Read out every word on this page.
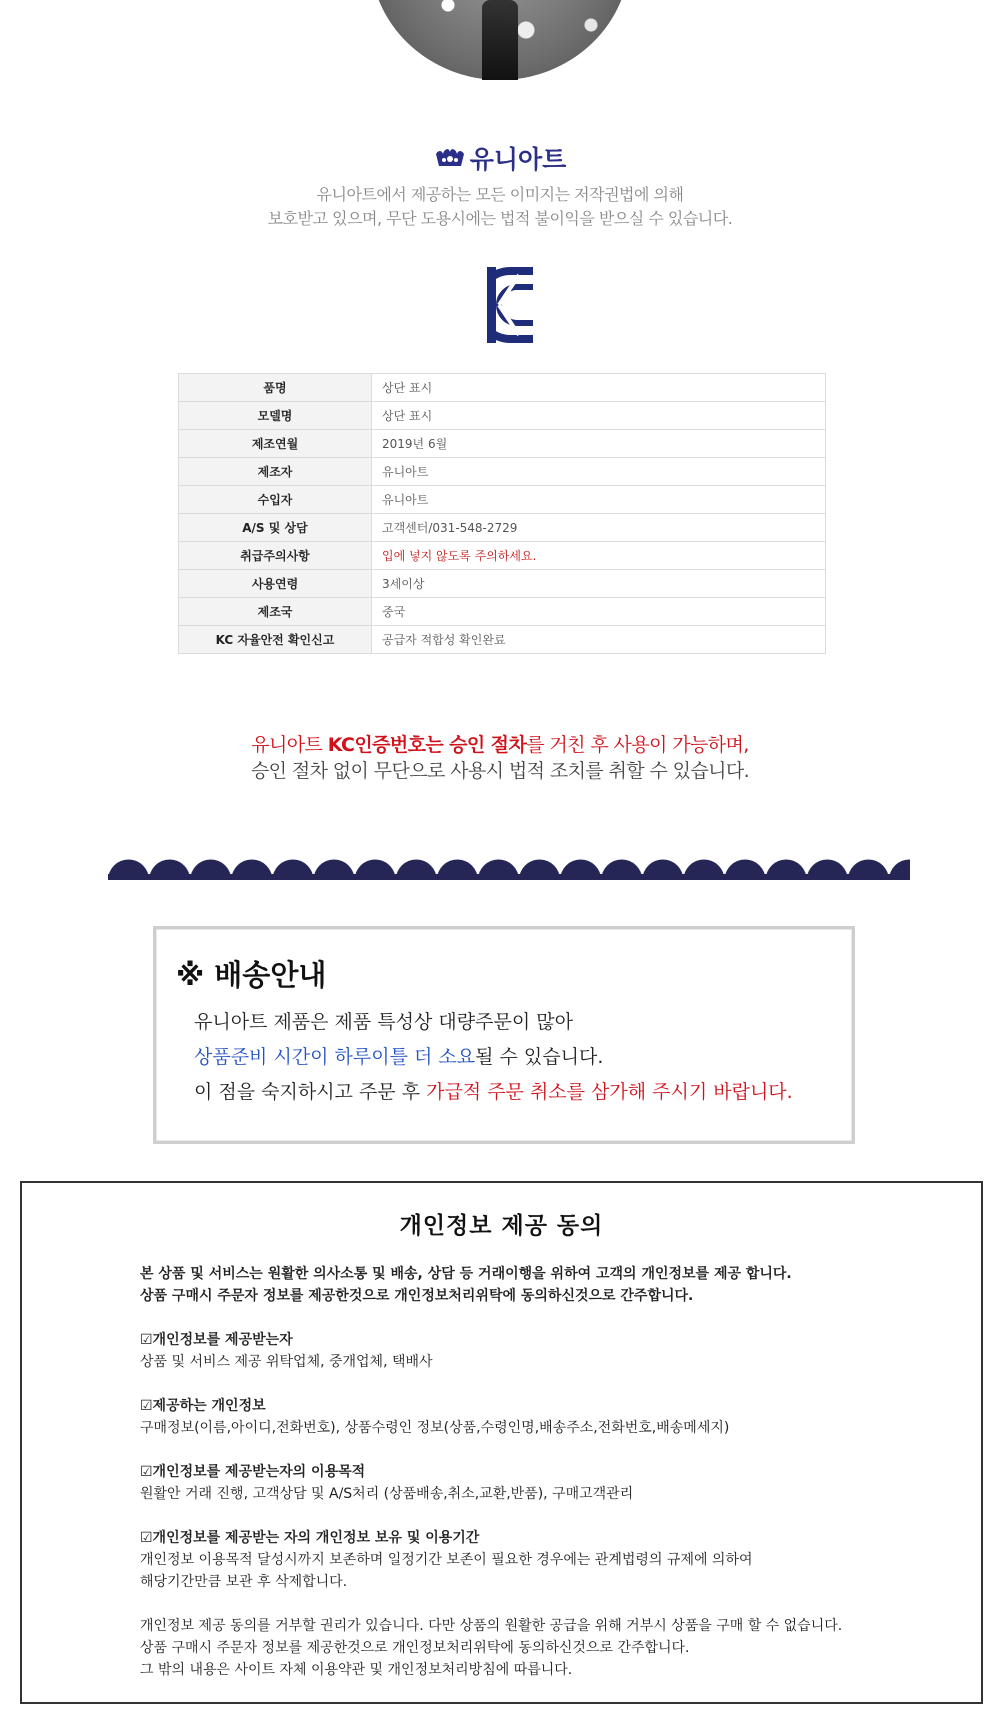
유니아트
유니아트에서 제공하는 모든 이미지는 저작권법에 의해
보호받고 있으며, 무단 도용시에는 법적 불이익을 받으실 수 있습니다.
품명	상단 표시
모델명	상단 표시
제조연월	2019년 6월
제조자	유니아트
수입자	유니아트
A/S 및 상담	고객센터/031-548-2729
취급주의사항	입에 넣지 않도록 주의하세요.
사용연령	3세이상
제조국	중국
KC 자율안전 확인신고	공급자 적합성 확인완료
유니아트 KC인증번호는 승인 절차를 거친 후 사용이 가능하며,
승인 절차 없이 무단으로 사용시 법적 조치를 취할 수 있습니다.
※ 배송안내
유니아트 제품은 제품 특성상 대량주문이 많아
상품준비 시간이 하루이틀 더 소요될 수 있습니다.
이 점을 숙지하시고 주문 후 가급적 주문 취소를 삼가해 주시기 바랍니다.
개인정보 제공 동의
본 상품 및 서비스는 원활한 의사소통 및 배송, 상담 등 거래이행을 위하여 고객의 개인정보를 제공 합니다.
상품 구매시 주문자 정보를 제공한것으로 개인정보처리위탁에 동의하신것으로 간주합니다.
☑개인정보를 제공받는자
상품 및 서비스 제공 위탁업체, 중개업체, 택배사
☑제공하는 개인정보
구매정보(이름,아이디,전화번호), 상품수령인 정보(상품,수령인명,배송주소,전화번호,배송메세지)
☑개인정보를 제공받는자의 이용목적
원활안 거래 진행, 고객상담 및 A/S처리 (상품배송,취소,교환,반품), 구매고객관리
☑개인정보를 제공받는 자의 개인정보 보유 및 이용기간
개인정보 이용목적 달성시까지 보존하며 일정기간 보존이 필요한 경우에는 관계법령의 규제에 의하여
해당기간만큼 보관 후 삭제합니다.
개인정보 제공 동의를 거부할 권리가 있습니다. 다만 상품의 원활한 공급을 위해 거부시 상품을 구매 할 수 없습니다.
상품 구매시 주문자 정보를 제공한것으로 개인정보처리위탁에 동의하신것으로 간주합니다.
그 밖의 내용은 사이트 자체 이용약관 및 개인정보처리방침에 따릅니다.
